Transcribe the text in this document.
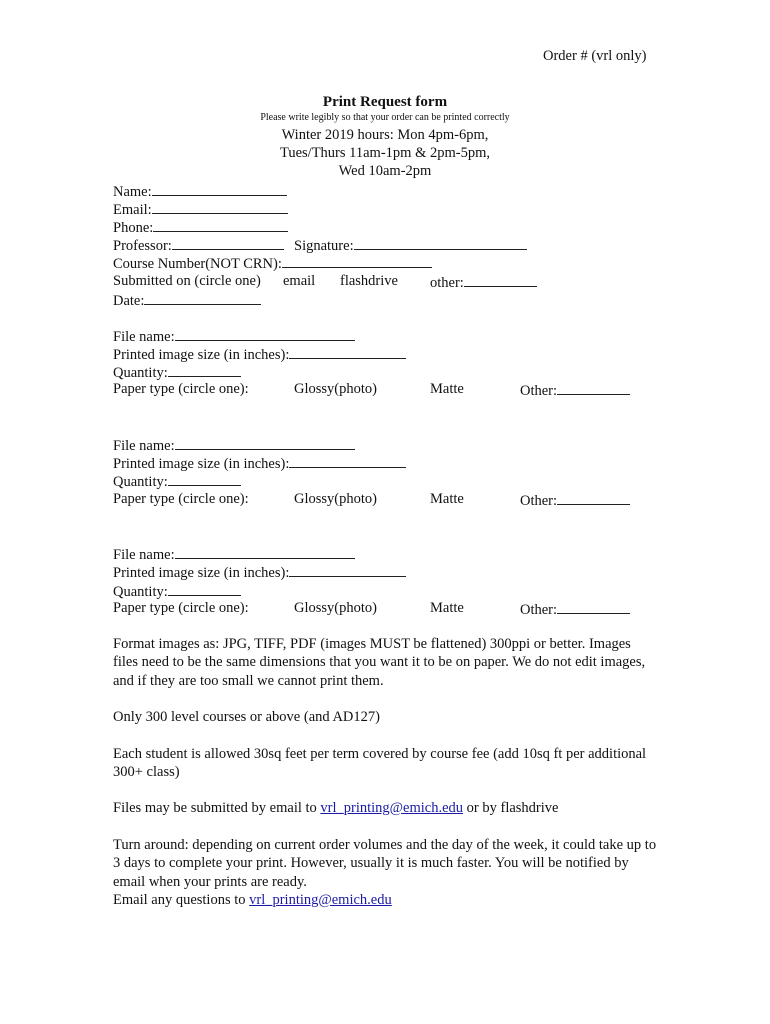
Order # (vrl only)
Print Request form
Please write legibly so that your order can be printed correctly
Winter 2019 hours: Mon 4pm-6pm,
Tues/Thurs 11am-1pm & 2pm-5pm,
Wed 10am-2pm
Name:
Email:
Phone:
Professor:	Signature:
Course Number(NOT CRN):
Submitted on (circle one) email flashdrive other:
Date:
File name:
Printed image size (in inches):
Quantity:
Paper type (circle one):	Glossy(photo)	Matte	Other:
File name:
Printed image size (in inches):
Quantity:
Paper type (circle one):	Glossy(photo)	Matte	Other:
File name:
Printed image size (in inches):
Quantity:
Paper type (circle one):	Glossy(photo)	Matte	Other:

Format images as: JPG, TIFF, PDF (images MUST be flattened) 300ppi or better. Images files need to be the same dimensions that you want it to be on paper. We do not edit images, and if they are too small we cannot print them.

Only 300 level courses or above (and AD127)

Each student is allowed 30sq feet per term covered by course fee (add 10sq ft per additional 300+ class)

Files may be submitted by email to vrl_printing@emich.edu or by flashdrive

Turn around: depending on current order volumes and the day of the week, it could take up to 3 days to complete your print. However, usually it is much faster. You will be notified by email when your prints are ready.

Email any questions to vrl_printing@emich.edu
